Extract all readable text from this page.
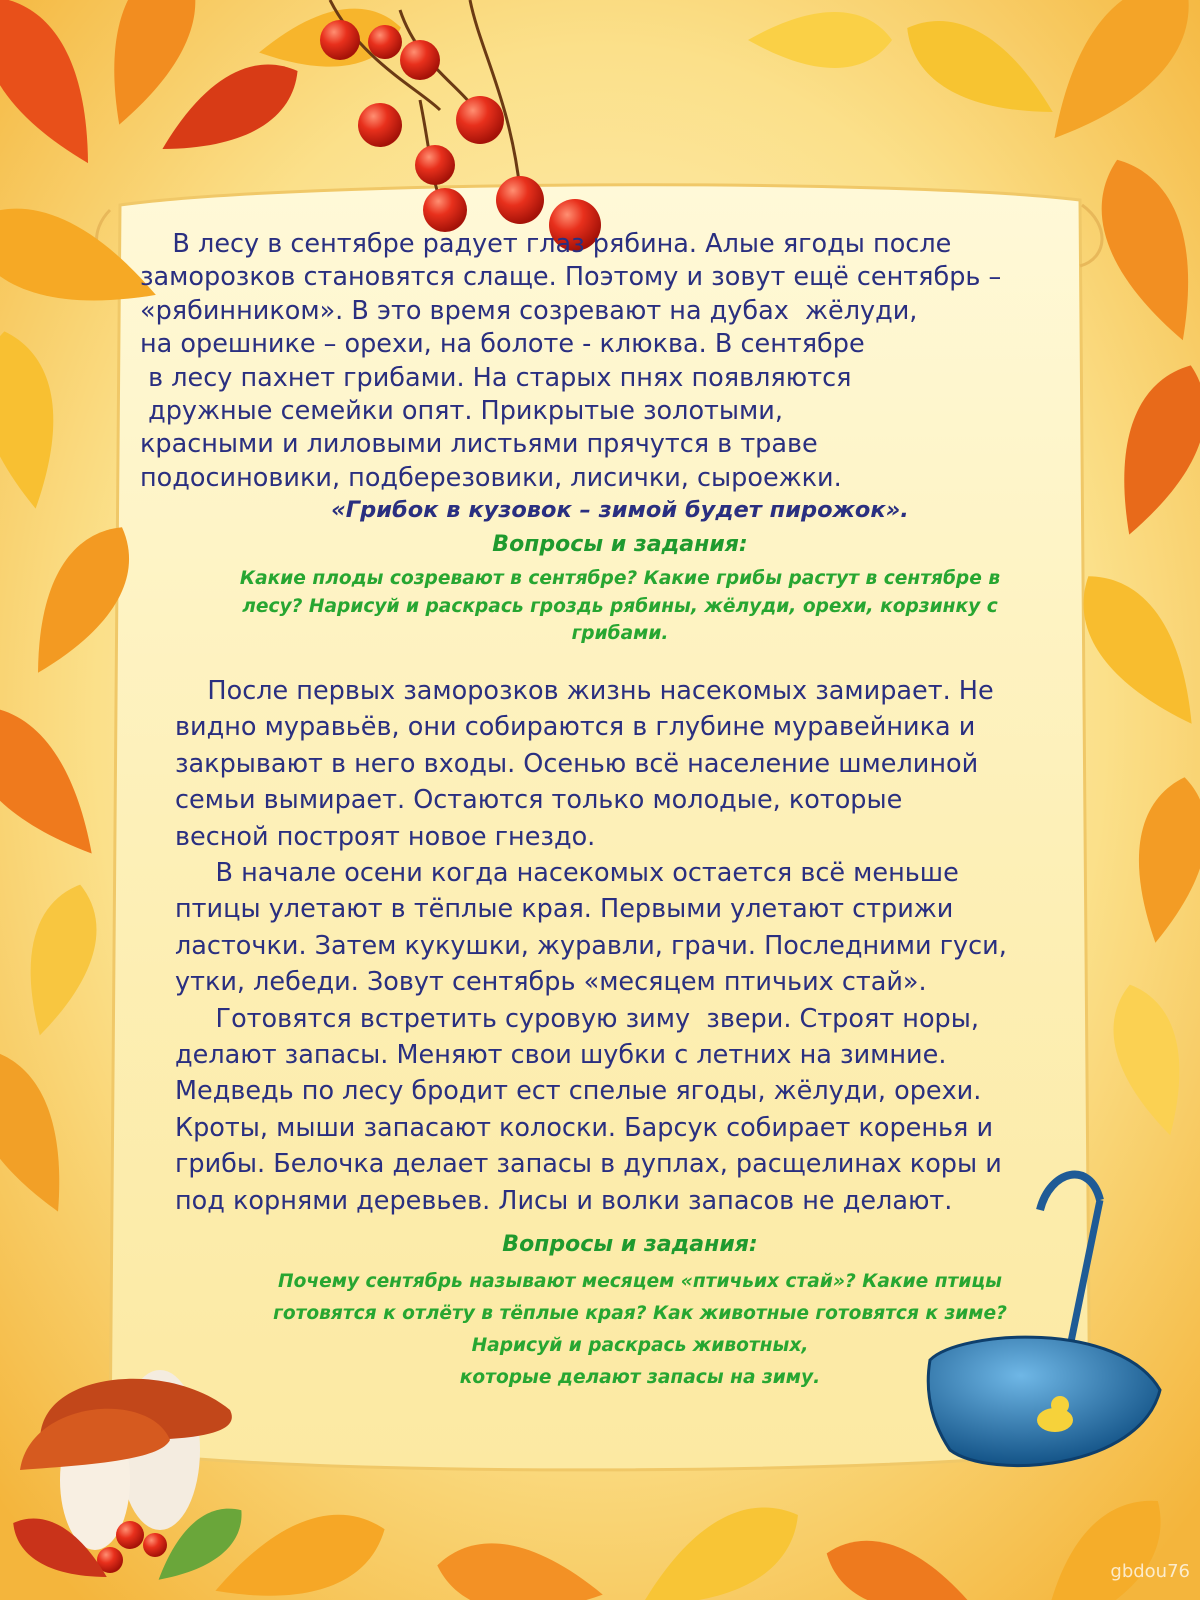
В лесу в сентябре радует глаз рябина. Алые ягоды после
заморозков становятся слаще. Поэтому и зовут ещё сентябрь –
«рябинником». В это время созревают на дубах  жёлуди,
на орешнике – орехи, на болоте - клюква. В сентябре
в лесу пахнет грибами. На старых пнях появляются
дружные семейки опят. Прикрытые золотыми,
красными и лиловыми листьями прячутся в траве
подосиновики, подберезовики, лисички, сыроежки.
«Грибок в кузовок – зимой будет пирожок».
Вопросы и задания:
Какие плоды созревают в сентябре? Какие грибы растут в сентябре в
лесу? Нарисуй и раскрась гроздь рябины, жёлуди, орехи, корзинку с
грибами.
После первых заморозков жизнь насекомых замирает. Не
видно муравьёв, они собираются в глубине муравейника и
закрывают в него входы. Осенью всё население шмелиной
семьи вымирает. Остаются только молодые, которые
весной построят новое гнездо.
В начале осени когда насекомых остается всё меньше
птицы улетают в тёплые края. Первыми улетают стрижи
ласточки. Затем кукушки, журавли, грачи. Последними гуси,
утки, лебеди. Зовут сентябрь «месяцем птичьих стай».
Готовятся встретить суровую зиму  звери. Строят норы,
делают запасы. Меняют свои шубки с летних на зимние.
Медведь по лесу бродит ест спелые ягоды, жёлуди, орехи.
Кроты, мыши запасают колоски. Барсук собирает коренья и
грибы. Белочка делает запасы в дуплах, расщелинах коры и
под корнями деревьев. Лисы и волки запасов не делают.
Вопросы и задания:
Почему сентябрь называют месяцем «птичьих стай»? Какие птицы
готовятся к отлёту в тёплые края? Как животные готовятся к зиме?
Нарисуй и раскрась животных,
которые делают запасы на зиму.
gbdou76
